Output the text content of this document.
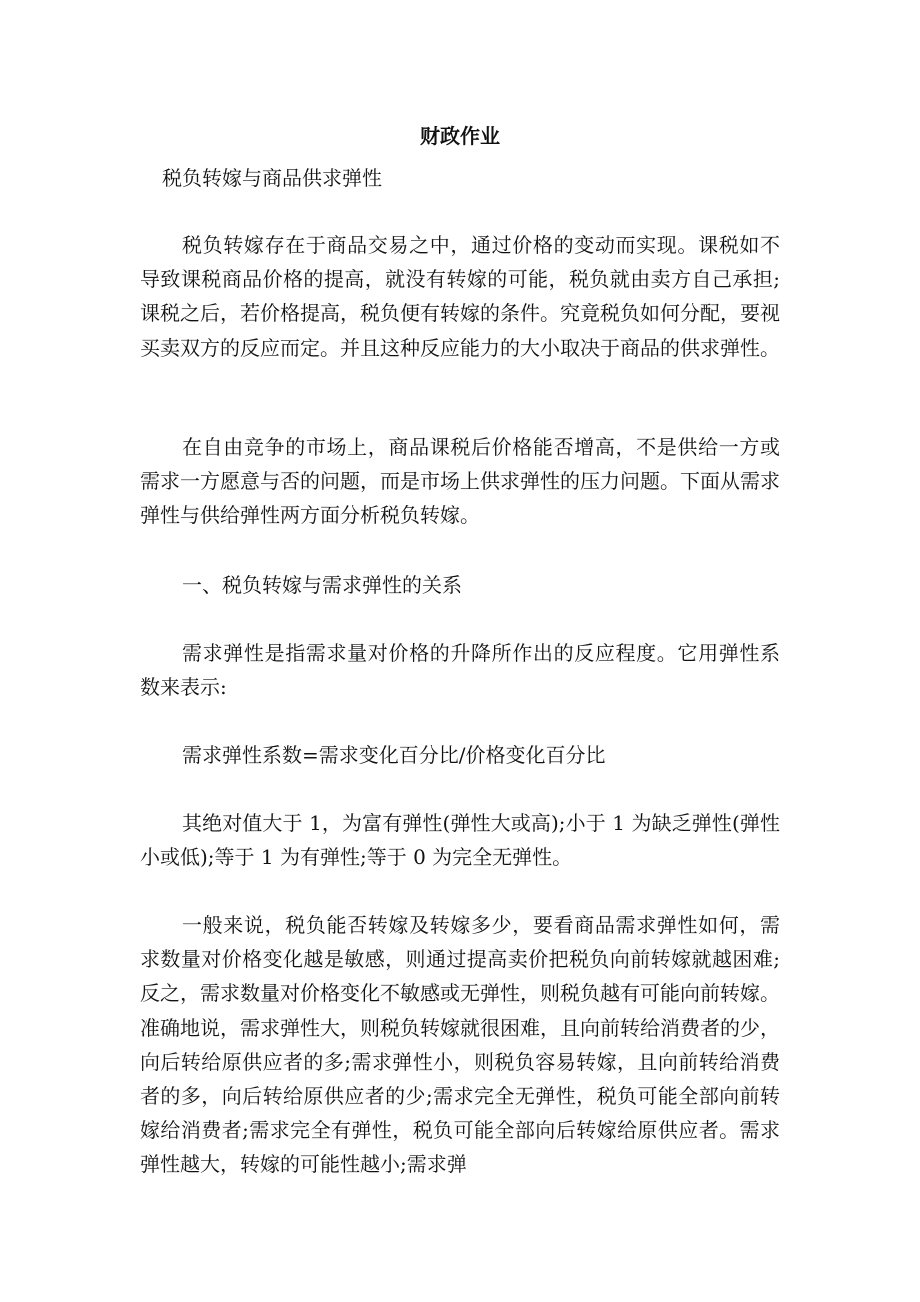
财政作业

税负转嫁与商品供求弹性

税负转嫁存在于商品交易之中，通过价格的变动而实现。课税如不导致课税商品价格的提高，就没有转嫁的可能，税负就由卖方自己承担;课税之后，若价格提高，税负便有转嫁的条件。究竟税负如何分配，要视买卖双方的反应而定。并且这种反应能力的大小取决于商品的供求弹性。

在自由竞争的市场上，商品课税后价格能否增高，不是供给一方或需求一方愿意与否的问题，而是市场上供求弹性的压力问题。下面从需求弹性与供给弹性两方面分析税负转嫁。

一、税负转嫁与需求弹性的关系

需求弹性是指需求量对价格的升降所作出的反应程度。它用弹性系数来表示:

需求弹性系数=需求变化百分比/价格变化百分比

其绝对值大于 1，为富有弹性(弹性大或高);小于 1 为缺乏弹性(弹性小或低);等于 1 为有弹性;等于 0 为完全无弹性。

一般来说，税负能否转嫁及转嫁多少，要看商品需求弹性如何，需求数量对价格变化越是敏感，则通过提高卖价把税负向前转嫁就越困难;反之，需求数量对价格变化不敏感或无弹性，则税负越有可能向前转嫁。准确地说，需求弹性大，则税负转嫁就很困难，且向前转给消费者的少，向后转给原供应者的多;需求弹性小，则税负容易转嫁，且向前转给消费者的多，向后转给原供应者的少;需求完全无弹性，税负可能全部向前转嫁给消费者;需求完全有弹性，税负可能全部向后转嫁给原供应者。需求弹性越大，转嫁的可能性越小;需求弹
